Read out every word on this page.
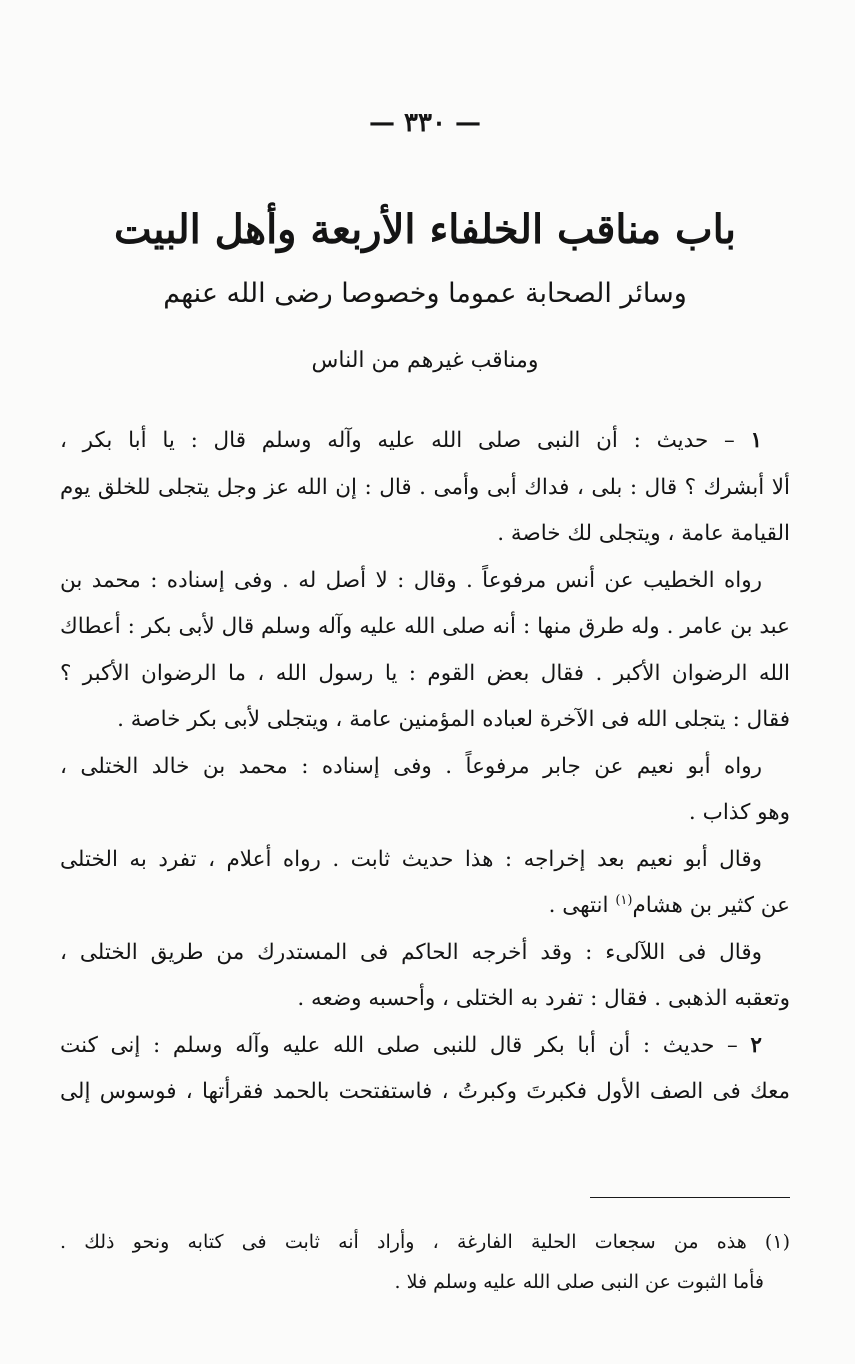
— ٣٣٠ —
باب مناقب الخلفاء الأربعة وأهل البيت
وسائر الصحابة عموما وخصوصا رضى الله عنهم
ومناقب غيرهم من الناس
١ – حديث : أن النبى صلى الله عليه وآله وسلم قال : يا أبا بكر ،
ألا أبشرك ؟ قال : بلى ، فداك أبى وأمى . قال : إن الله عز وجل يتجلى للخلق يوم
القيامة عامة ، ويتجلى لك خاصة .
رواه الخطيب عن أنس مرفوعاً . وقال : لا أصل له . وفى إسناده : محمد بن
عبد بن عامر . وله طرق منها : أنه صلى الله عليه وآله وسلم قال لأبى بكر : أعطاك
الله الرضوان الأكبر . فقال بعض القوم : يا رسول الله ، ما الرضوان الأكبر ؟
فقال : يتجلى الله فى الآخرة لعباده المؤمنين عامة ، ويتجلى لأبى بكر خاصة .
رواه أبو نعيم عن جابر مرفوعاً . وفى إسناده : محمد بن خالد الختلى ،
وهو كذاب .
وقال أبو نعيم بعد إخراجه : هذا حديث ثابت . رواه أعلام ، تفرد به الختلى
عن كثير بن هشام$^{(١)}$ انتهى .
وقال فى اللآلىء : وقد أخرجه الحاكم فى المستدرك من طريق الختلى ،
وتعقبه الذهبى . فقال : تفرد به الختلى ، وأحسبه وضعه .
٢ – حديث : أن أبا بكر قال للنبى صلى الله عليه وآله وسلم : إنى كنت
معك فى الصف الأول فكبرتَ وكبرتُ ، فاستفتحت بالحمد فقرأتها ، فوسوس إلى
(١) هذه من سجعات الحلية الفارغة ، وأراد أنه ثابت فى كتابه ونحو ذلك .
فأما الثبوت عن النبى صلى الله عليه وسلم فلا .
